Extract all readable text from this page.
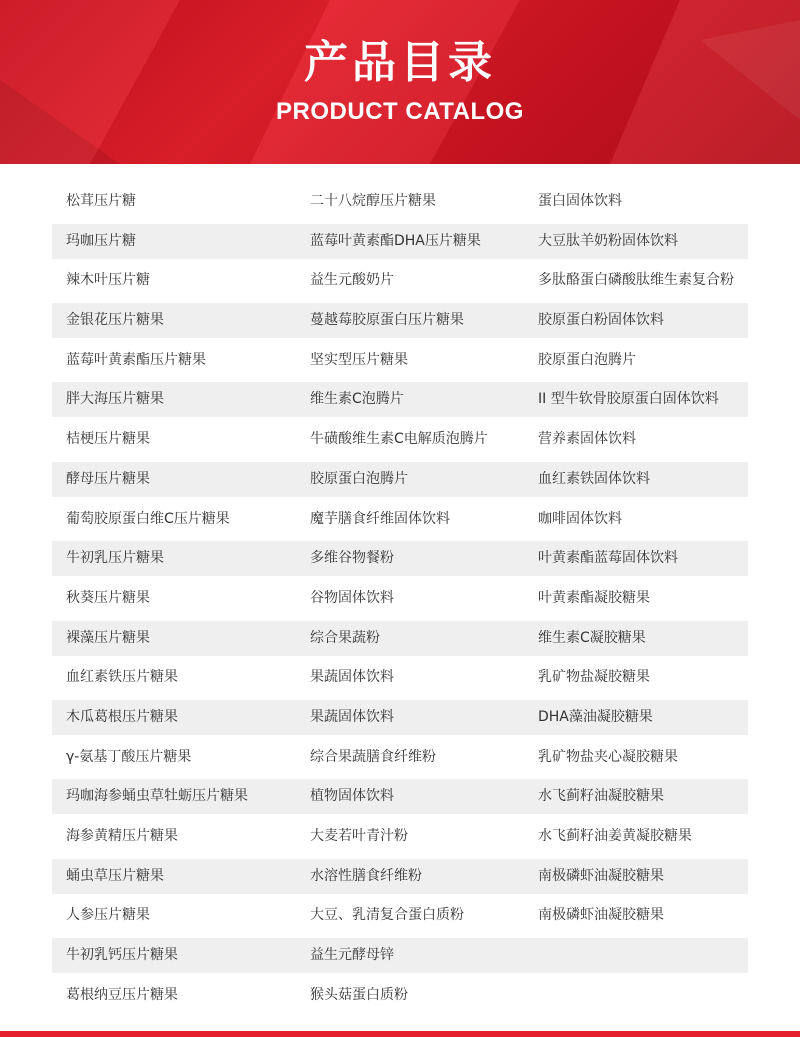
产品目录
PRODUCT CATALOG
松茸压片糖	二十八烷醇压片糖果	蛋白固体饮料
玛咖压片糖	蓝莓叶黄素酯DHA压片糖果	大豆肽羊奶粉固体饮料
辣木叶压片糖	益生元酸奶片	多肽酪蛋白磷酸肽维生素复合粉
金银花压片糖果	蔓越莓胶原蛋白压片糖果	胶原蛋白粉固体饮料
蓝莓叶黄素酯压片糖果	坚实型压片糖果	胶原蛋白泡腾片
胖大海压片糖果	维生素C泡腾片	II 型牛软骨胶原蛋白固体饮料
桔梗压片糖果	牛磺酸维生素C电解质泡腾片	营养素固体饮料
酵母压片糖果	胶原蛋白泡腾片	血红素铁固体饮料
葡萄胶原蛋白维C压片糖果	魔芋膳食纤维固体饮料	咖啡固体饮料
牛初乳压片糖果	多维谷物餐粉	叶黄素酯蓝莓固体饮料
秋葵压片糖果	谷物固体饮料	叶黄素酯凝胶糖果
裸藻压片糖果	综合果蔬粉	维生素C凝胶糖果
血红素铁压片糖果	果蔬固体饮料	乳矿物盐凝胶糖果
木瓜葛根压片糖果	果蔬固体饮料	DHA藻油凝胶糖果
γ-氨基丁酸压片糖果	综合果蔬膳食纤维粉	乳矿物盐夹心凝胶糖果
玛咖海参蛹虫草牡蛎压片糖果	植物固体饮料	水飞蓟籽油凝胶糖果
海参黄精压片糖果	大麦若叶青汁粉	水飞蓟籽油姜黄凝胶糖果
蛹虫草压片糖果	水溶性膳食纤维粉	南极磷虾油凝胶糖果
人参压片糖果	大豆、乳清复合蛋白质粉	南极磷虾油凝胶糖果
牛初乳钙压片糖果	益生元酵母锌
葛根纳豆压片糖果	猴头菇蛋白质粉
